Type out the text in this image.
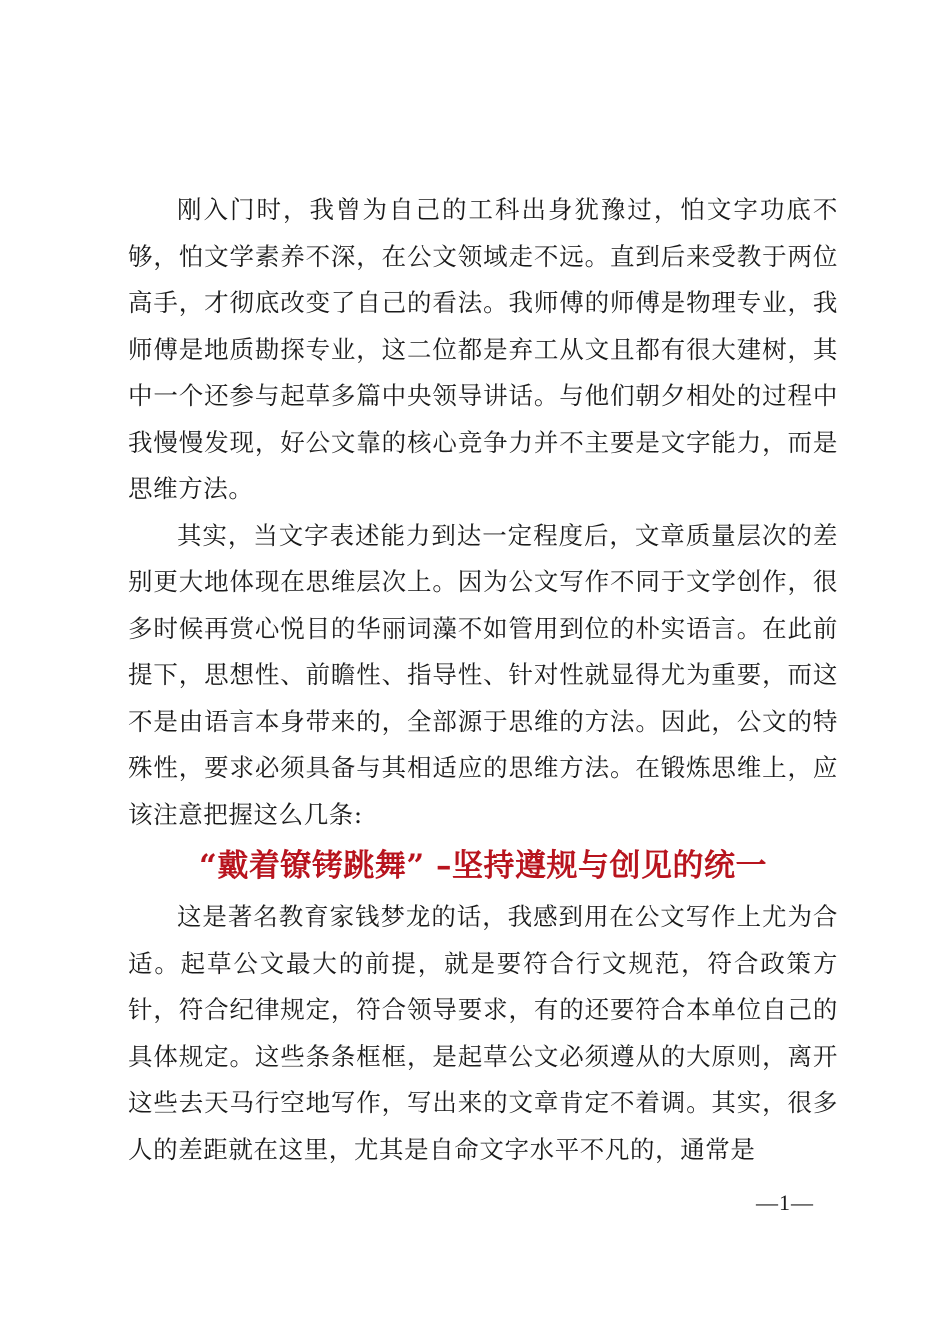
刚入门时，我曾为自己的工科出身犹豫过，怕文字功底不够，怕文学素养不深，在公文领域走不远。直到后来受教于两位高手，才彻底改变了自己的看法。我师傅的师傅是物理专业，我师傅是地质勘探专业，这二位都是弃工从文且都有很大建树，其中一个还参与起草多篇中央领导讲话。与他们朝夕相处的过程中我慢慢发现，好公文靠的核心竞争力并不主要是文字能力，而是思维方法。

其实，当文字表述能力到达一定程度后，文章质量层次的差别更大地体现在思维层次上。因为公文写作不同于文学创作，很多时候再赏心悦目的华丽词藻不如管用到位的朴实语言。在此前提下，思想性、前瞻性、指导性、针对性就显得尤为重要，而这不是由语言本身带来的，全部源于思维的方法。因此，公文的特殊性，要求必须具备与其相适应的思维方法。在锻炼思维上，应该注意把握这么几条:

“戴着镣铐跳舞” –坚持遵规与创见的统一

这是著名教育家钱梦龙的话，我感到用在公文写作上尤为合适。起草公文最大的前提，就是要符合行文规范，符合政策方针，符合纪律规定，符合领导要求，有的还要符合本单位自己的具体规定。这些条条框框，是起草公文必须遵从的大原则，离开这些去天马行空地写作，写出来的文章肯定不着调。其实，很多人的差距就在这里，尤其是自命文字水平不凡的，通常是

—1—
